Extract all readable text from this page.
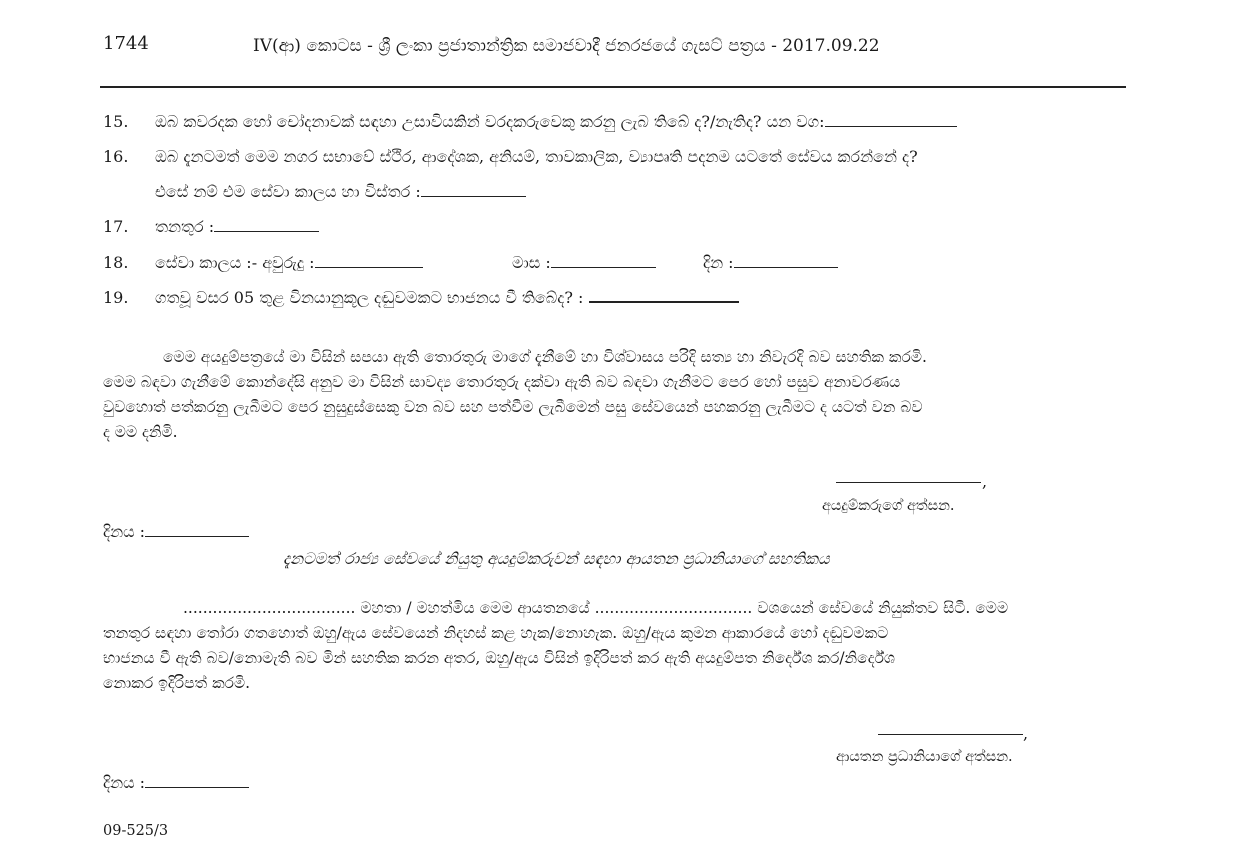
1744	IV(ආ) කොටස - ශ්‍රී ලංකා ප්‍රජාතාන්ත්‍රික සමාජවාදී ජනරජයේ ගැසට් පත්‍රය - 2017.09.22
15. ඔබ කවරදක හෝ චෝදනාවක් සඳහා උසාවියකින් වරදකරුවෙකු කරනු ලැබ තිබේ ද?/නැතිද? යන වග:
16. ඔබ දැනටමත් මෙම නගර සභාවේ ස්ථිර, ආදේශක, අනියම්, තාවකාලික, ව්‍යාපෘති පදනම යටතේ සේවය කරන්නේ ද?
එසේ නම් එම සේවා කාලය හා විස්තර :
17. තනතුර :
18. සේවා කාලය :- අවුරුදු :	මාස :	දින :
19. ගතවූ වසර 05 තුළ විනයානුකූල දඬුවමකට භාජනය වී තිබේද? :
මෙම අයදුම්පත්‍රයේ මා විසින් සපයා ඇති තොරතුරු මාගේ දැනීමේ හා විශ්වාසය පරිදි සත්‍ය හා නිවැරදි බව සහතික කරමි.
මෙම බඳවා ගැනීමේ කොන්දේසි අනුව මා විසින් සාවද්‍ය තොරතුරු දක්වා ඇති බව බඳවා ගැනීමට පෙර හෝ පසුව අනාවරණය
වුවහොත් පත්කරනු ලැබීමට පෙර නුසුදුස්සෙකු වන බව සහ පත්වීම ලැබීමෙන් පසු සේවයෙන් පහකරනු ලැබීමට ද යටත් වන බව
ද මම දනිමි.
,
අයදුම්කරුගේ අත්සන.
දිනය :
දැනටමත් රාජ්‍ය සේවයේ නියුතු අයදුම්කරුවන් සඳහා ආයතන ප්‍රධානියාගේ සහතිකය
................................... මහතා / මහත්මිය මෙම ආයතනයේ ................................ වශයෙන් සේවයේ නියුක්තව සිටී. මෙම
තනතුර සඳහා තෝරා ගතහොත් ඔහු/ඇය සේවයෙන් නිදහස් කළ හැක/නොහැක. ඔහු/ඇය කුමන ආකාරයේ හෝ දඬුවමකට
භාජනය වී ඇති බව/නොමැති බව මින් සහතික කරන අතර, ඔහු/ඇය විසින් ඉදිරිපත් කර ඇති අයදුම්පත නිර්දේශ කර/නිර්දේශ
නොකර ඉදිරිපත් කරමි.
,
ආයතන ප්‍රධානියාගේ අත්සන.
දිනය :
09-525/3
